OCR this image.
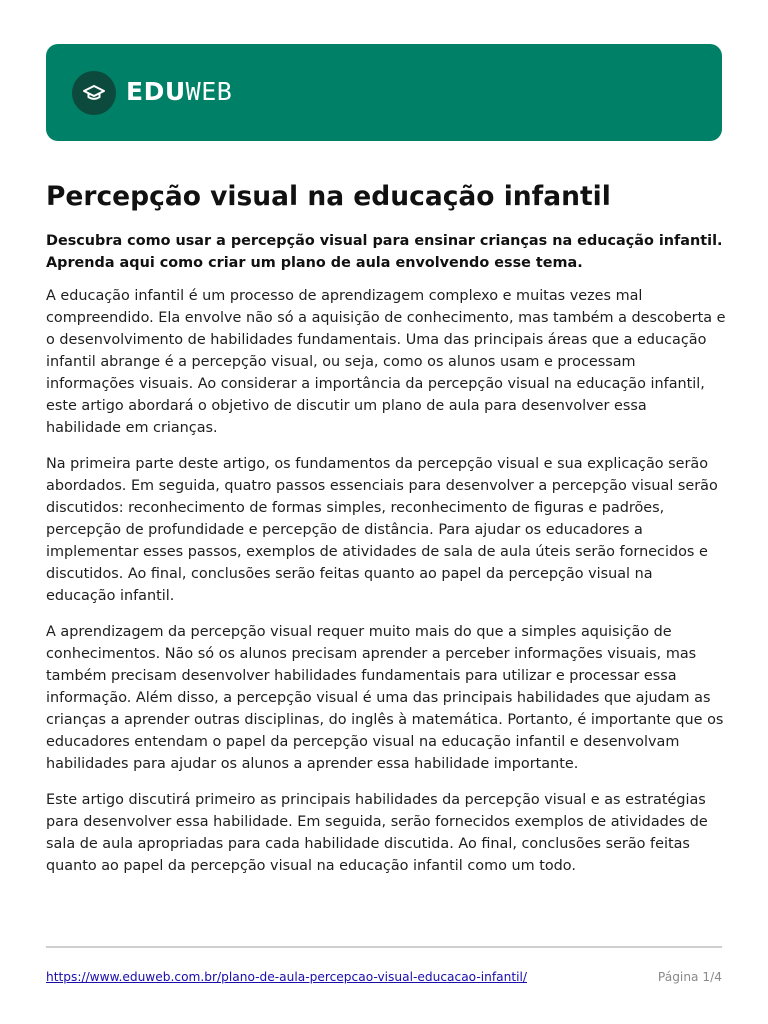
EDUWEB
Percepção visual na educação infantil

Descubra como usar a percepção visual para ensinar crianças na educação infantil. Aprenda aqui como criar um plano de aula envolvendo esse tema.

A educação infantil é um processo de aprendizagem complexo e muitas vezes mal compreendido. Ela envolve não só a aquisição de conhecimento, mas também a descoberta e o desenvolvimento de habilidades fundamentais. Uma das principais áreas que a educação infantil abrange é a percepção visual, ou seja, como os alunos usam e processam informações visuais. Ao considerar a importância da percepção visual na educação infantil, este artigo abordará o objetivo de discutir um plano de aula para desenvolver essa habilidade em crianças.

Na primeira parte deste artigo, os fundamentos da percepção visual e sua explicação serão abordados. Em seguida, quatro passos essenciais para desenvolver a percepção visual serão discutidos: reconhecimento de formas simples, reconhecimento de figuras e padrões, percepção de profundidade e percepção de distância. Para ajudar os educadores a implementar esses passos, exemplos de atividades de sala de aula úteis serão fornecidos e discutidos. Ao final, conclusões serão feitas quanto ao papel da percepção visual na educação infantil.

A aprendizagem da percepção visual requer muito mais do que a simples aquisição de conhecimentos. Não só os alunos precisam aprender a perceber informações visuais, mas também precisam desenvolver habilidades fundamentais para utilizar e processar essa informação. Além disso, a percepção visual é uma das principais habilidades que ajudam as crianças a aprender outras disciplinas, do inglês à matemática. Portanto, é importante que os educadores entendam o papel da percepção visual na educação infantil e desenvolvam habilidades para ajudar os alunos a aprender essa habilidade importante.

Este artigo discutirá primeiro as principais habilidades da percepção visual e as estratégias para desenvolver essa habilidade. Em seguida, serão fornecidos exemplos de atividades de sala de aula apropriadas para cada habilidade discutida. Ao final, conclusões serão feitas quanto ao papel da percepção visual na educação infantil como um todo.

https://www.eduweb.com.br/plano-de-aula-percepcao-visual-educacao-infantil/	Página 1/4
